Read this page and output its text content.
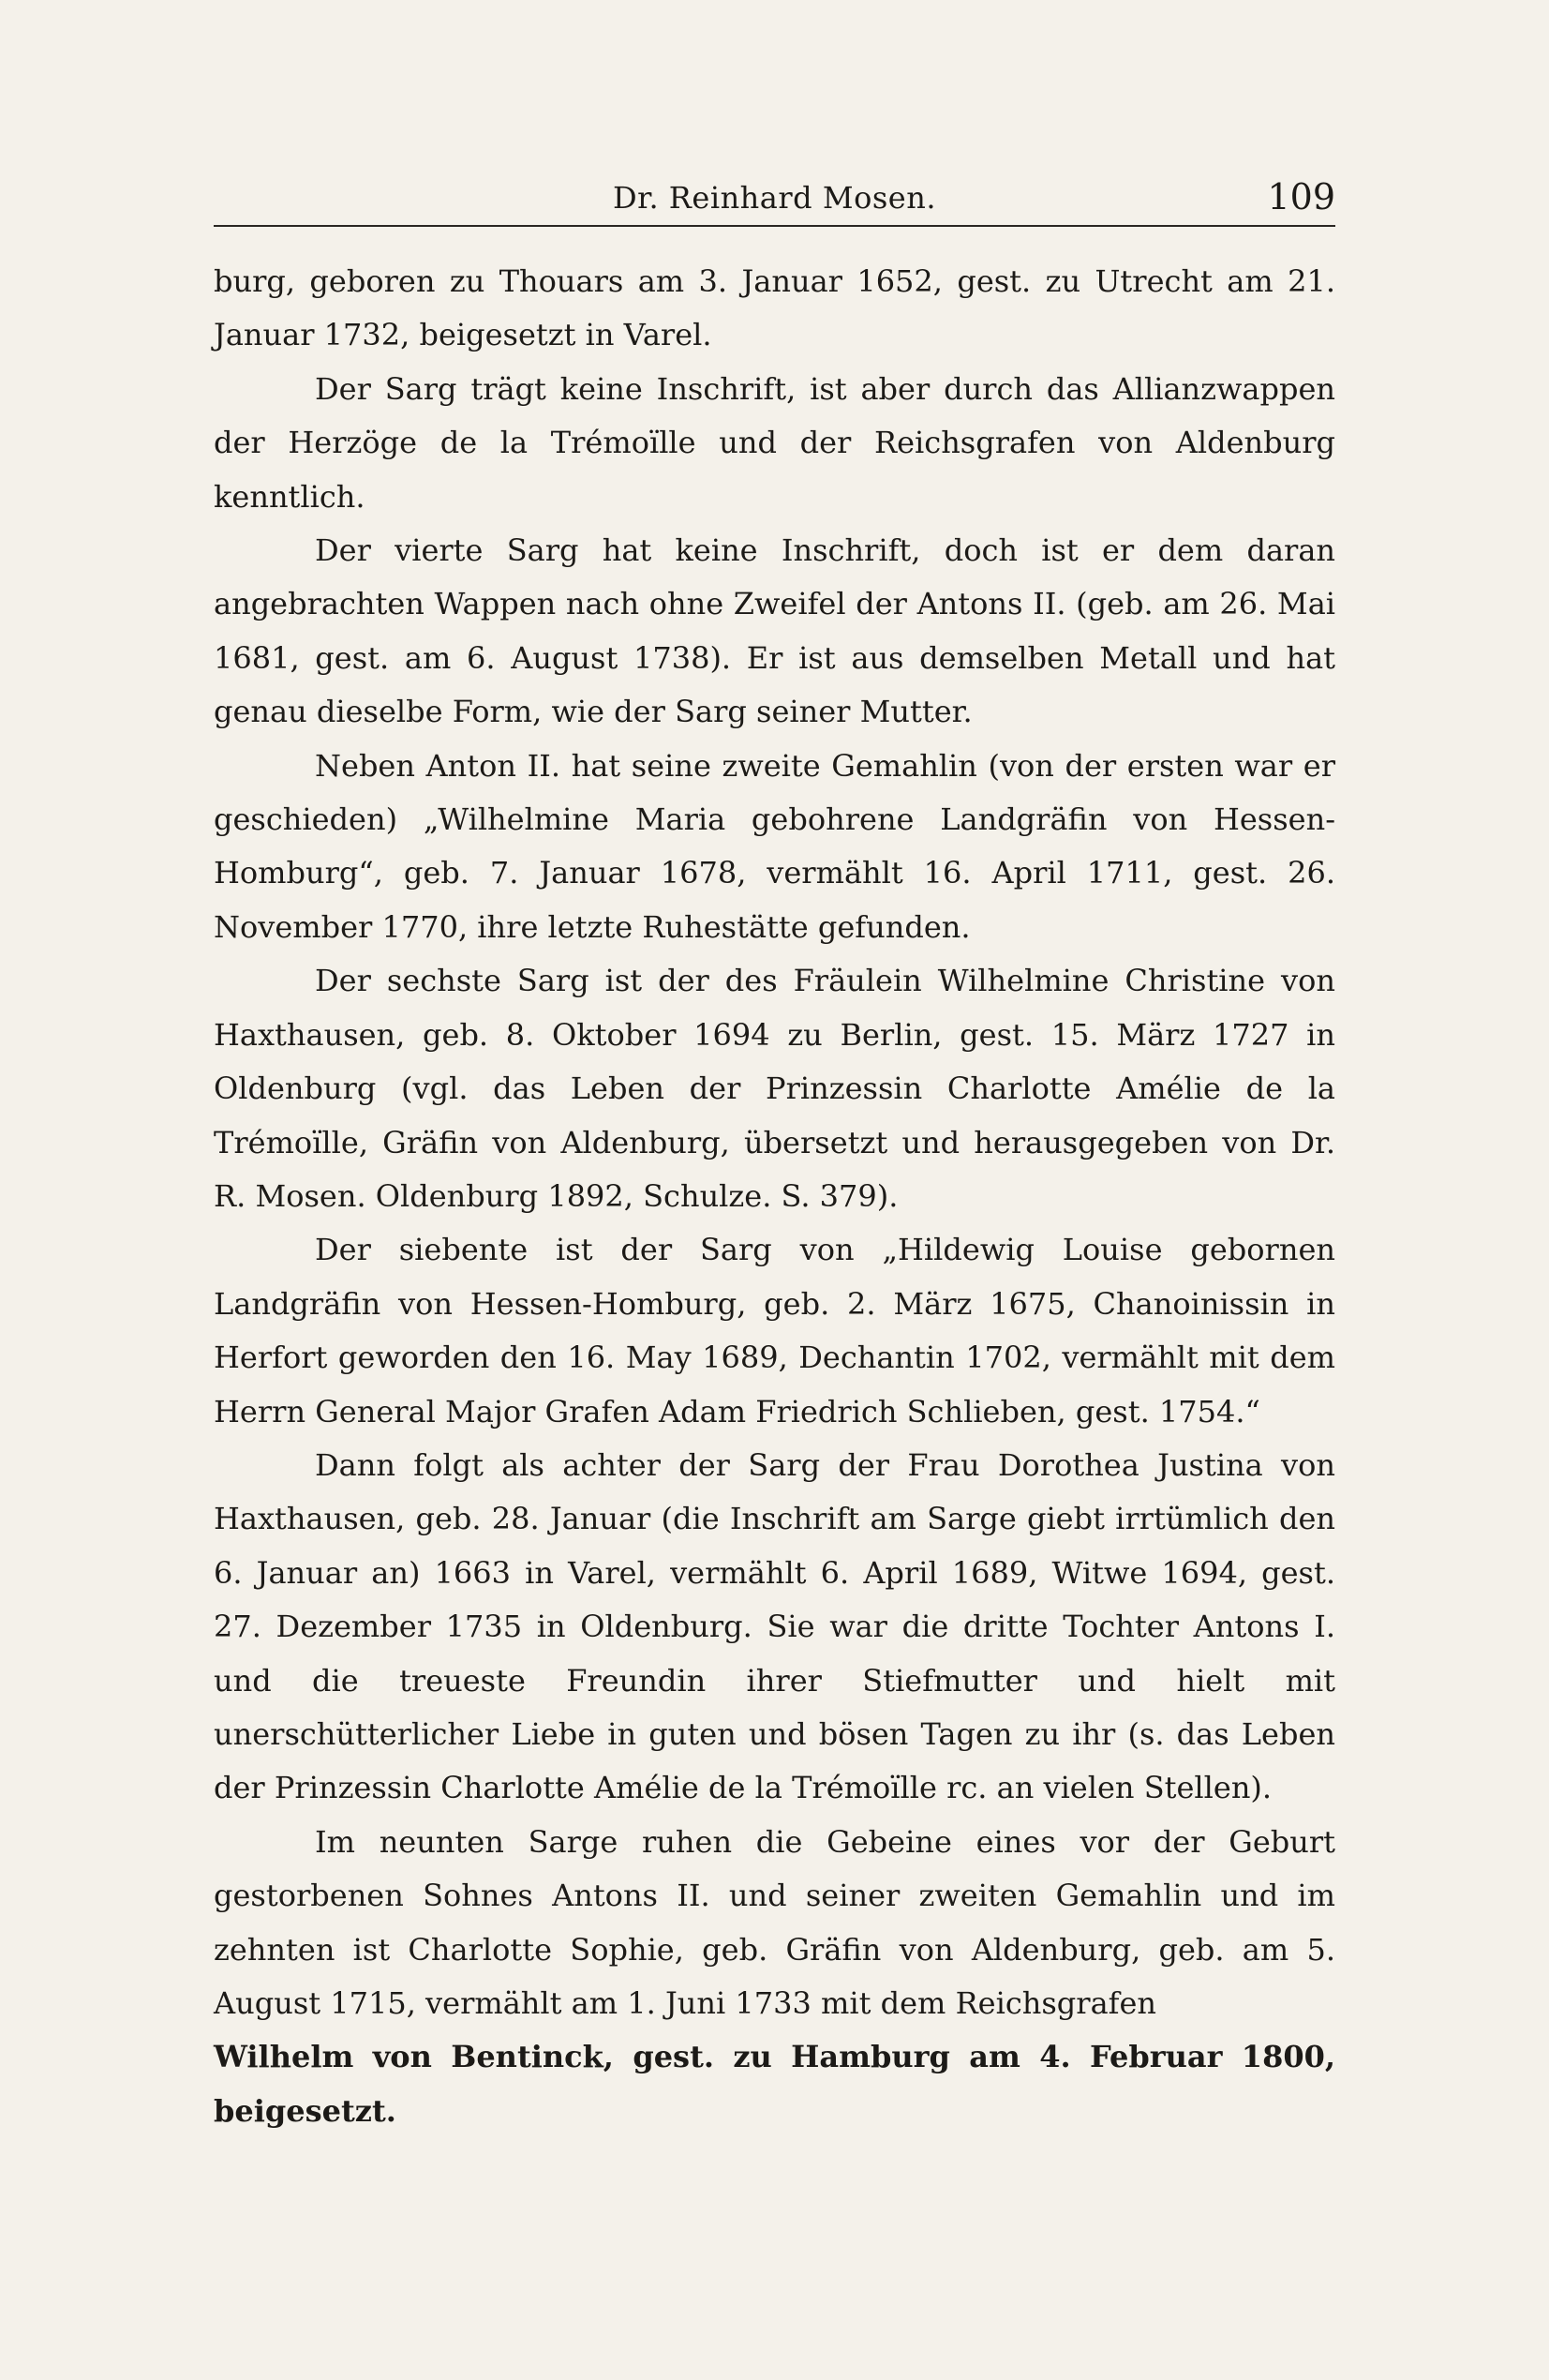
Dr. Reinhard Mosen.	109

burg, geboren zu Thouars am 3. Januar 1652, gest. zu Utrecht am 21. Januar 1732, beigesetzt in Varel.

Der Sarg trägt keine Inschrift, ist aber durch das Allianzwappen der Herzöge de la Trémoïlle und der Reichsgrafen von Aldenburg kenntlich.

Der vierte Sarg hat keine Inschrift, doch ist er dem daran angebrachten Wappen nach ohne Zweifel der Antons II. (geb. am 26. Mai 1681, gest. am 6. August 1738). Er ist aus demselben Metall und hat genau dieselbe Form, wie der Sarg seiner Mutter.

Neben Anton II. hat seine zweite Gemahlin (von der ersten war er geschieden) „Wilhelmine Maria gebohrene Landgräfin von Hessen-Homburg“, geb. 7. Januar 1678, vermählt 16. April 1711, gest. 26. November 1770, ihre letzte Ruhestätte gefunden.

Der sechste Sarg ist der des Fräulein Wilhelmine Christine von Haxthausen, geb. 8. Oktober 1694 zu Berlin, gest. 15. März 1727 in Oldenburg (vgl. das Leben der Prinzessin Charlotte Amélie de la Trémoïlle, Gräfin von Aldenburg, übersetzt und herausgegeben von Dr. R. Mosen. Oldenburg 1892, Schulze. S. 379).

Der siebente ist der Sarg von „Hildewig Louise gebornen Landgräfin von Hessen-Homburg, geb. 2. März 1675, Chanoinissin in Herfort geworden den 16. May 1689, Dechantin 1702, vermählt mit dem Herrn General Major Grafen Adam Friedrich Schlieben, gest. 1754.“

Dann folgt als achter der Sarg der Frau Dorothea Justina von Haxthausen, geb. 28. Januar (die Inschrift am Sarge giebt irrtümlich den 6. Januar an) 1663 in Varel, vermählt 6. April 1689, Witwe 1694, gest. 27. Dezember 1735 in Oldenburg. Sie war die dritte Tochter Antons I. und die treueste Freundin ihrer Stiefmutter und hielt mit unerschütterlicher Liebe in guten und bösen Tagen zu ihr (s. das Leben der Prinzessin Charlotte Amélie de la Trémoïlle rc. an vielen Stellen).

Im neunten Sarge ruhen die Gebeine eines vor der Geburt gestorbenen Sohnes Antons II. und seiner zweiten Gemahlin und im zehnten ist Charlotte Sophie, geb. Gräfin von Aldenburg, geb. am 5. August 1715, vermählt am 1. Juni 1733 mit dem Reichsgrafen

Wilhelm von Bentinck, gest. zu Hamburg am 4. Februar 1800, beigesetzt.
